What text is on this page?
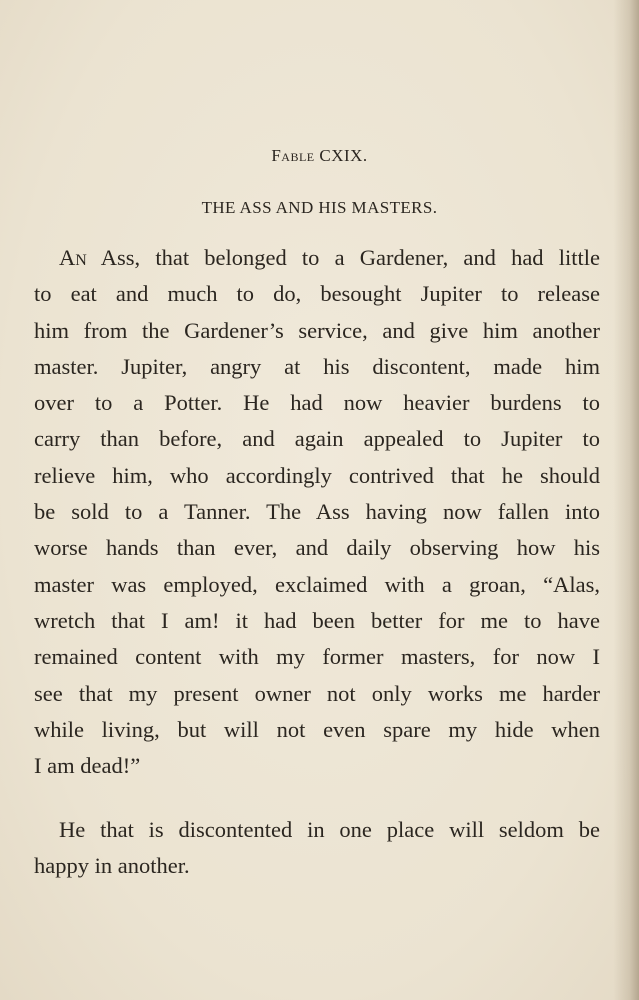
Fable CXIX.
THE ASS AND HIS MASTERS.
An Ass, that belonged to a Gardener, and had little
to eat and much to do, besought Jupiter to release
him from the Gardener’s service, and give him another
master. Jupiter, angry at his discontent, made him
over to a Potter. He had now heavier burdens to
carry than before, and again appealed to Jupiter to
relieve him, who accordingly contrived that he should
be sold to a Tanner. The Ass having now fallen into
worse hands than ever, and daily observing how his
master was employed, exclaimed with a groan, “Alas,
wretch that I am! it had been better for me to have
remained content with my former masters, for now I
see that my present owner not only works me harder
while living, but will not even spare my hide when
I am dead!”
He that is discontented in one place will seldom be
happy in another.
